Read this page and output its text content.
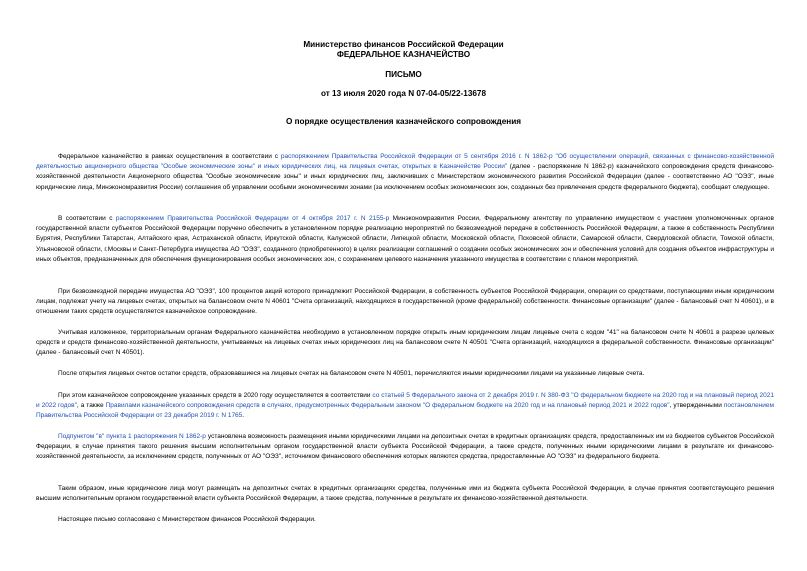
Министерство финансов Российской Федерации
ФЕДЕРАЛЬНОЕ КАЗНАЧЕЙСТВО
ПИСЬМО
от 13 июля 2020 года N 07-04-05/22-13678
О порядке осуществления казначейского сопровождения

Федеральное казначейство в рамках осуществления в соответствии с распоряжением Правительства Российской Федерации от 5 сентября 2016 г. N 1862-р "Об осуществлении операций, связанных с финансово-хозяйственной деятельностью акционерного общества "Особые экономические зоны" и иных юридических лиц, на лицевых счетах, открытых в Казначействе России" (далее - распоряжение N 1862-р) казначейского сопровождения средств финансово-хозяйственной деятельности Акционерного общества "Особые экономические зоны" и иных юридических лиц, заключивших с Министерством экономического развития Российской Федерации (далее - соответственно АО "ОЭЗ", иные юридические лица, Минэкономразвития России) соглашения об управлении особыми экономическими зонами (за исключением особых экономических зон, созданных без привлечения средств федерального бюджета), сообщает следующее.

В соответствии с распоряжением Правительства Российской Федерации от 4 октября 2017 г. N 2155-р Минэкономразвития России, Федеральному агентству по управлению имуществом с участием уполномоченных органов государственной власти субъектов Российской Федерации поручено обеспечить в установленном порядке реализацию мероприятий по безвозмездной передаче в собственность Российской Федерации, а также в собственность Республики Бурятия, Республики Татарстан, Алтайского края, Астраханской области, Иркутской области, Калужской области, Липецкой области, Московской области, Псковской области, Самарской области, Свердловской области, Томской области, Ульяновской области, г.Москвы и Санкт-Петербурга имущества АО "ОЭЗ", созданного (приобретенного) в целях реализации соглашений о создании особых экономических зон и обеспечения условий для создания объектов инфраструктуры и иных объектов, предназначенных для обеспечения функционирования особых экономических зон, с сохранением целевого назначения указанного имущества в соответствии с планом мероприятий.

При безвозмездной передаче имущества АО "ОЭЗ", 100 процентов акций которого принадлежит Российской Федерации, в собственность субъектов Российской Федерации, операции со средствами, поступающими иным юридическим лицам, подлежат учету на лицевых счетах, открытых на балансовом счете N 40601 "Счета организаций, находящихся в государственной (кроме федеральной) собственности. Финансовые организации" (далее - балансовый счет N 40601), и в отношении таких средств осуществляется казначейское сопровождение.

Учитывая изложенное, территориальным органам Федерального казначейства необходимо в установленном порядке открыть иным юридическим лицам лицевые счета с кодом "41" на балансовом счете N 40601 в разрезе целевых средств и средств финансово-хозяйственной деятельности, учитываемых на лицевых счетах иных юридических лиц на балансовом счете N 40501 "Счета организаций, находящихся в федеральной собственности. Финансовые организации" (далее - балансовый счет N 40501).

После открытия лицевых счетов остатки средств, образовавшиеся на лицевых счетах на балансовом счете N 40501, перечисляются иными юридическими лицами на указанные лицевые счета.

При этом казначейское сопровождение указанных средств в 2020 году осуществляется в соответствии со статьей 5 Федерального закона от 2 декабря 2019 г. N 380-ФЗ "О федеральном бюджете на 2020 год и на плановый период 2021 и 2022 годов", а также Правилами казначейского сопровождения средств в случаях, предусмотренных Федеральным законом "О федеральном бюджете на 2020 год и на плановый период 2021 и 2022 годов", утвержденными постановлением Правительства Российской Федерации от 23 декабря 2019 г. N 1765.

Подпунктом "в" пункта 1 распоряжения N 1862-р установлена возможность размещения иными юридическими лицами на депозитных счетах в кредитных организациях средств, предоставленных им из бюджетов субъектов Российской Федерации, в случае принятия такого решения высшим исполнительным органом государственной власти субъекта Российской Федерации, а также средств, полученных иными юридическими лицами в результате их финансово-хозяйственной деятельности, за исключением средств, полученных от АО "ОЭЗ", источником финансового обеспечения которых являются средства, предоставленные АО "ОЭЗ" из федерального бюджета.

Таким образом, иные юридические лица могут размещать на депозитных счетах в кредитных организациях средства, полученные ими из бюджета субъекта Российской Федерации, в случае принятия соответствующего решения высшим исполнительным органом государственной власти субъекта Российской Федерации, а также средства, полученные в результате их финансово-хозяйственной деятельности.

Настоящее письмо согласовано с Министерством финансов Российской Федерации.
